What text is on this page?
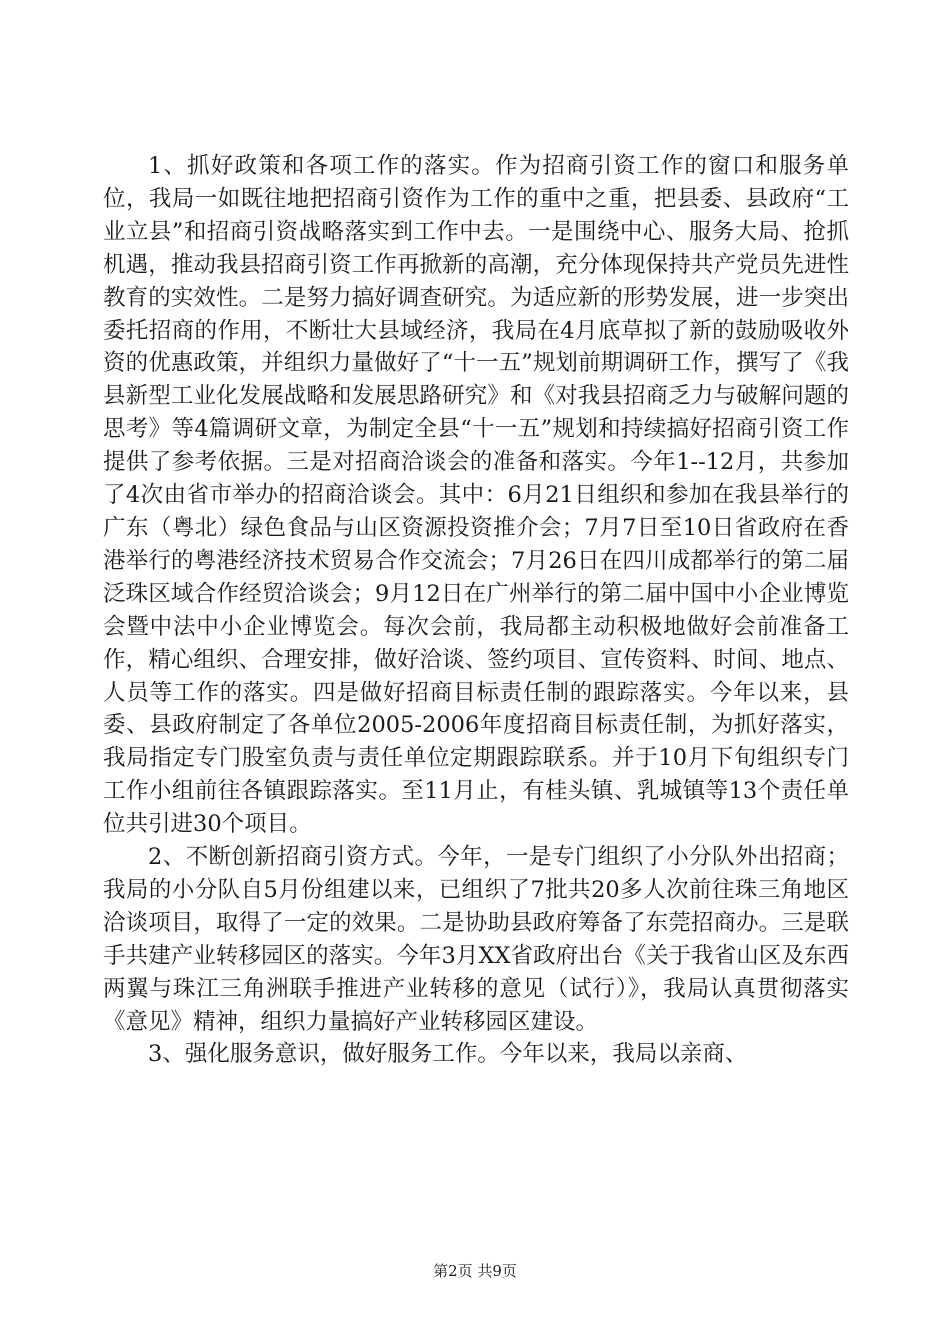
1、抓好政策和各项工作的落实。作为招商引资工作的窗口和服务单位，我局一如既往地把招商引资作为工作的重中之重，把县委、县政府“工业立县”和招商引资战略落实到工作中去。一是围绕中心、服务大局、抢抓机遇，推动我县招商引资工作再掀新的高潮，充分体现保持共产党员先进性教育的实效性。二是努力搞好调查研究。为适应新的形势发展，进一步突出委托招商的作用，不断壮大县域经济，我局在4月底草拟了新的鼓励吸收外资的优惠政策，并组织力量做好了“十一五”规划前期调研工作，撰写了《我县新型工业化发展战略和发展思路研究》和《对我县招商乏力与破解问题的思考》等4篇调研文章，为制定全县“十一五”规划和持续搞好招商引资工作提供了参考依据。三是对招商洽谈会的准备和落实。今年1--12月，共参加了4次由省市举办的招商洽谈会。其中：6月21日组织和参加在我县举行的广东（粤北）绿色食品与山区资源投资推介会；7月7日至10日省政府在香港举行的粤港经济技术贸易合作交流会；7月26日在四川成都举行的第二届泛珠区域合作经贸洽谈会；9月12日在广州举行的第二届中国中小企业博览会暨中法中小企业博览会。每次会前，我局都主动积极地做好会前准备工作，精心组织、合理安排，做好洽谈、签约项目、宣传资料、时间、地点、人员等工作的落实。四是做好招商目标责任制的跟踪落实。今年以来，县委、县政府制定了各单位2005-2006年度招商目标责任制，为抓好落实，我局指定专门股室负责与责任单位定期跟踪联系。并于10月下旬组织专门工作小组前往各镇跟踪落实。至11月止，有桂头镇、乳城镇等13个责任单位共引进30个项目。

2、不断创新招商引资方式。今年，一是专门组织了小分队外出招商；我局的小分队自5月份组建以来，已组织了7批共20多人次前往珠三角地区洽谈项目，取得了一定的效果。二是协助县政府筹备了东莞招商办。三是联手共建产业转移园区的落实。今年3月XX省政府出台《关于我省山区及东西两翼与珠江三角洲联手推进产业转移的意见（试行）》，我局认真贯彻落实《意见》精神，组织力量搞好产业转移园区建设。

3、强化服务意识，做好服务工作。今年以来，我局以亲商、

第2页 共9页
